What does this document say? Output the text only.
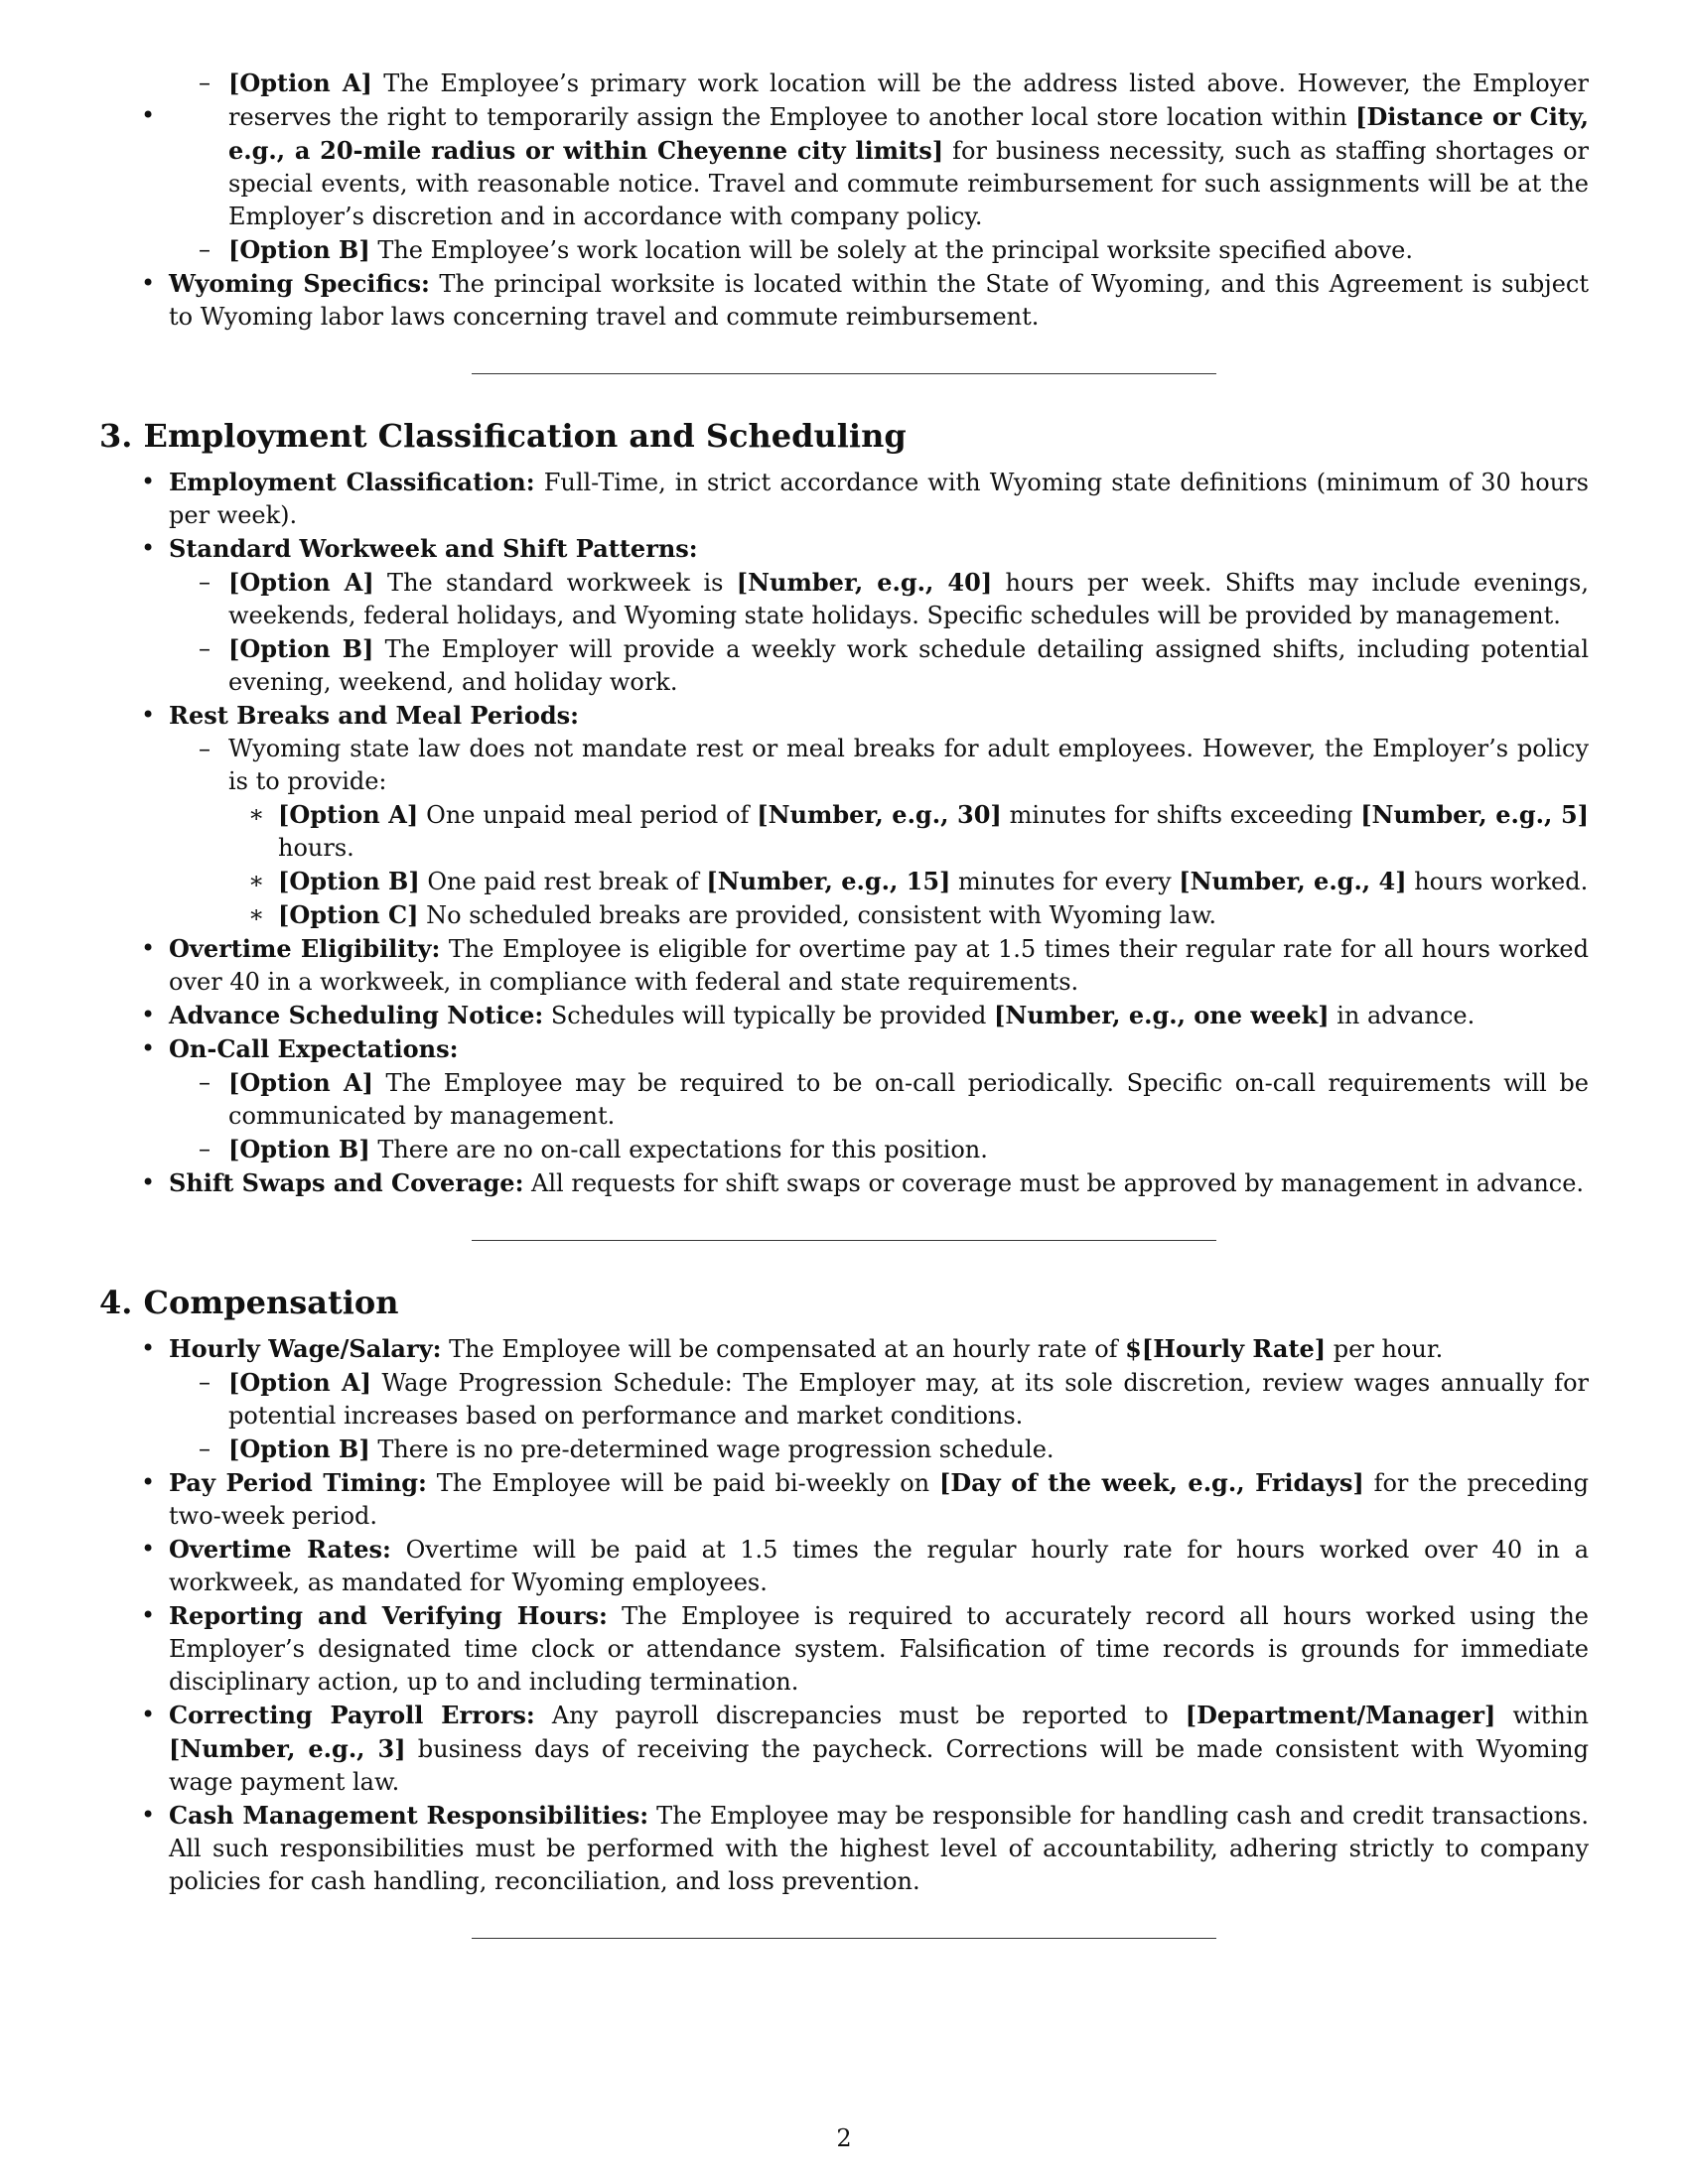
– [Option A] The Employee’s primary work location will be the address listed above. However, the Employer reserves the right to temporarily assign the Employee to another local store location within [Distance or City, e.g., a 20-mile radius or within Cheyenne city limits] for business necessity, such as staffing shortages or special events, with reasonable notice. Travel and commute reimbursement for such assignments will be at the Employer’s discretion and in accordance with company policy.
– [Option B] The Employee’s work location will be solely at the principal worksite specified above.
• Wyoming Specifics: The principal worksite is located within the State of Wyoming, and this Agreement is subject to Wyoming labor laws concerning travel and commute reimbursement.
3. Employment Classification and Scheduling
• Employment Classification: Full-Time, in strict accordance with Wyoming state definitions (minimum of 30 hours per week).
• Standard Workweek and Shift Patterns:
– [Option A] The standard workweek is [Number, e.g., 40] hours per week. Shifts may include evenings, weekends, federal holidays, and Wyoming state holidays. Specific schedules will be provided by management.
– [Option B] The Employer will provide a weekly work schedule detailing assigned shifts, including potential evening, weekend, and holiday work.
• Rest Breaks and Meal Periods:
– Wyoming state law does not mandate rest or meal breaks for adult employees. However, the Employer’s policy is to provide:
∗ [Option A] One unpaid meal period of [Number, e.g., 30] minutes for shifts exceeding [Number, e.g., 5] hours.
∗ [Option B] One paid rest break of [Number, e.g., 15] minutes for every [Number, e.g., 4] hours worked.
∗ [Option C] No scheduled breaks are provided, consistent with Wyoming law.
• Overtime Eligibility: The Employee is eligible for overtime pay at 1.5 times their regular rate for all hours worked over 40 in a workweek, in compliance with federal and state requirements.
• Advance Scheduling Notice: Schedules will typically be provided [Number, e.g., one week] in advance.
• On-Call Expectations:
– [Option A] The Employee may be required to be on-call periodically. Specific on-call requirements will be communicated by management.
– [Option B] There are no on-call expectations for this position.
• Shift Swaps and Coverage: All requests for shift swaps or coverage must be approved by management in advance.
4. Compensation
• Hourly Wage/Salary: The Employee will be compensated at an hourly rate of $[Hourly Rate] per hour.
– [Option A] Wage Progression Schedule: The Employer may, at its sole discretion, review wages annually for potential increases based on performance and market conditions.
– [Option B] There is no pre-determined wage progression schedule.
• Pay Period Timing: The Employee will be paid bi-weekly on [Day of the week, e.g., Fridays] for the preceding two-week period.
• Overtime Rates: Overtime will be paid at 1.5 times the regular hourly rate for hours worked over 40 in a workweek, as mandated for Wyoming employees.
• Reporting and Verifying Hours: The Employee is required to accurately record all hours worked using the Employer’s designated time clock or attendance system. Falsification of time records is grounds for immediate disciplinary action, up to and including termination.
• Correcting Payroll Errors: Any payroll discrepancies must be reported to [Department/Manager] within [Number, e.g., 3] business days of receiving the paycheck. Corrections will be made consistent with Wyoming wage payment law.
• Cash Management Responsibilities: The Employee may be responsible for handling cash and credit transactions. All such responsibilities must be performed with the highest level of accountability, adhering strictly to company policies for cash handling, reconciliation, and loss prevention.
2
